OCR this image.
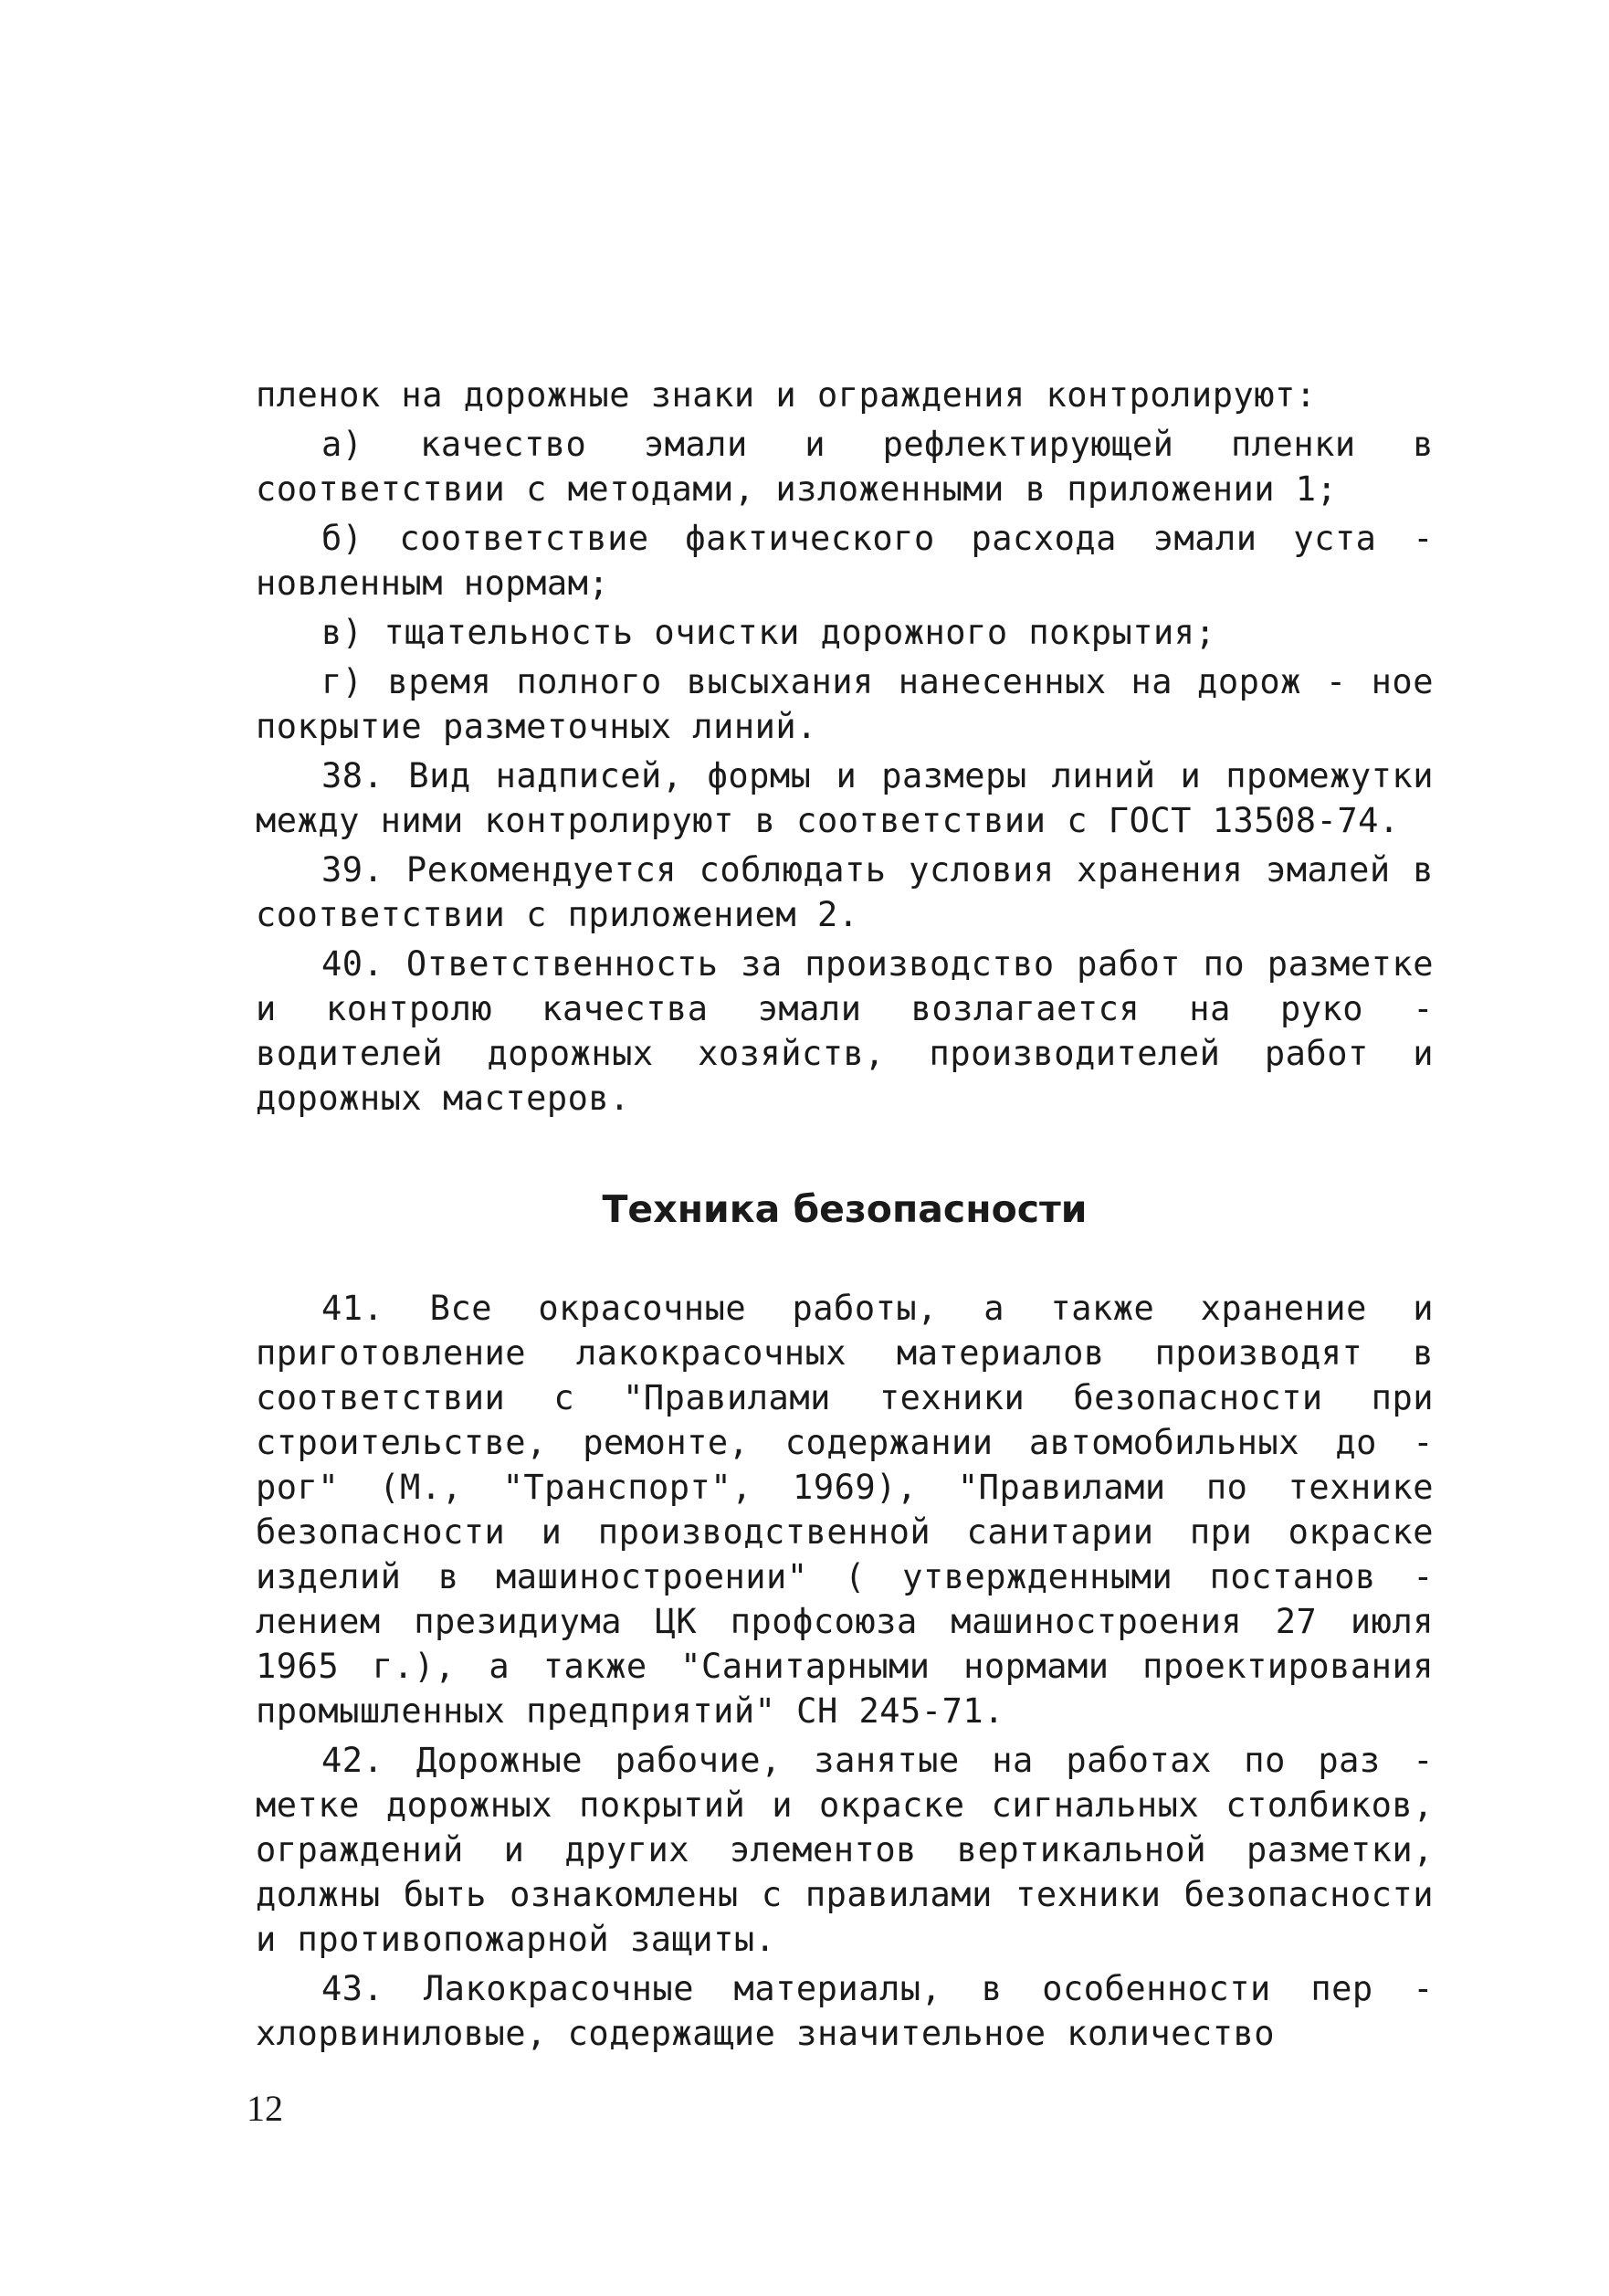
пленок на дорожные знаки и ограждения контролируют:

а) качество эмали и рефлектирующей пленки в соответствии с методами, изложенными в приложении 1;

б) соответствие фактического расхода эмали уста - новленным нормам;

в) тщательность очистки дорожного покрытия;

г) время полного высыхания нанесенных на дорож - ное покрытие разметочных линий.

38. Вид надписей, формы и размеры линий и промежутки между ними контролируют в соответствии с ГОСТ 13508-74.

39. Рекомендуется соблюдать условия хранения эмалей в соответствии с приложением 2.

40. Ответственность за производство работ по разметке и контролю качества эмали возлагается на руко - водителей дорожных хозяйств, производителей работ и дорожных мастеров.

Техника безопасности

41. Все окрасочные работы, а также хранение и приготовление лакокрасочных материалов производят в соответствии с "Правилами техники безопасности при строительстве, ремонте, содержании автомобильных до - рог" (М., "Транспорт", 1969), "Правилами по технике безопасности и производственной санитарии при окраске изделий в машиностроении" ( утвержденными постанов - лением президиума ЦК профсоюза машиностроения 27 июля 1965 г.), а также "Санитарными нормами проектирования промышленных предприятий" СН 245-71.

42. Дорожные рабочие, занятые на работах по раз - метке дорожных покрытий и окраске сигнальных столбиков, ограждений и других элементов вертикальной разметки, должны быть ознакомлены с правилами техники безопасности и противопожарной защиты.

43. Лакокрасочные материалы, в особенности пер - хлорвиниловые, содержащие значительное количество

12
